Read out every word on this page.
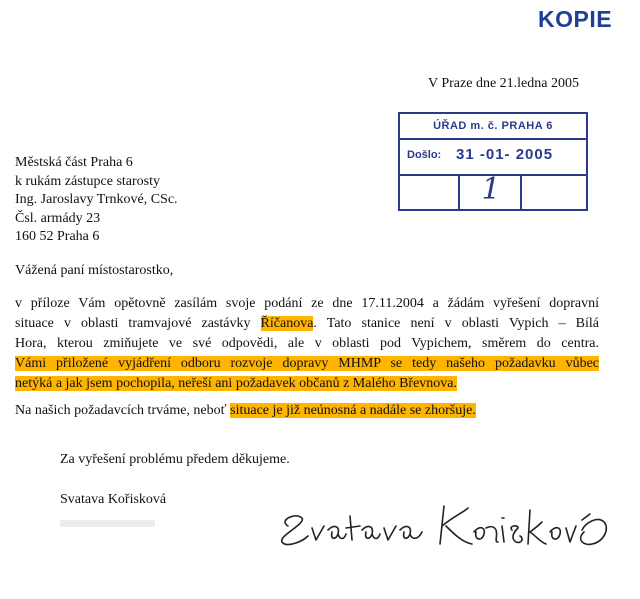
KOPIE
V Praze dne 21.ledna 2005
ÚŘAD m. č. PRAHA 6
Došlo: 31 -01- 2005
1
Městská část Praha 6
k rukám zástupce starosty
Ing. Jaroslavy Trnkové, CSc.
Čsl. armády 23
160 52 Praha 6
Vážená paní místostarostko,
v příloze Vám opětovně zasílám svoje podání ze dne 17.11.2004 a žádám vyřešení dopravní
situace v oblasti tramvajové zastávky Říčanova. Tato stanice není v oblasti Vypich – Bílá
Hora, kterou zmiňujete ve své odpovědi, ale v oblasti pod Vypichem, směrem do centra.
Vámi přiložené vyjádření odboru rozvoje dopravy MHMP se tedy našeho požadavku vůbec
netýká a jak jsem pochopila, neřeší ani požadavek občanů z Malého Břevnova.
Na našich požadavcích trváme, neboť situace je již neúnosná a nadále se zhoršuje.
Za vyřešení problému předem děkujeme.
Svatava Kořisková
